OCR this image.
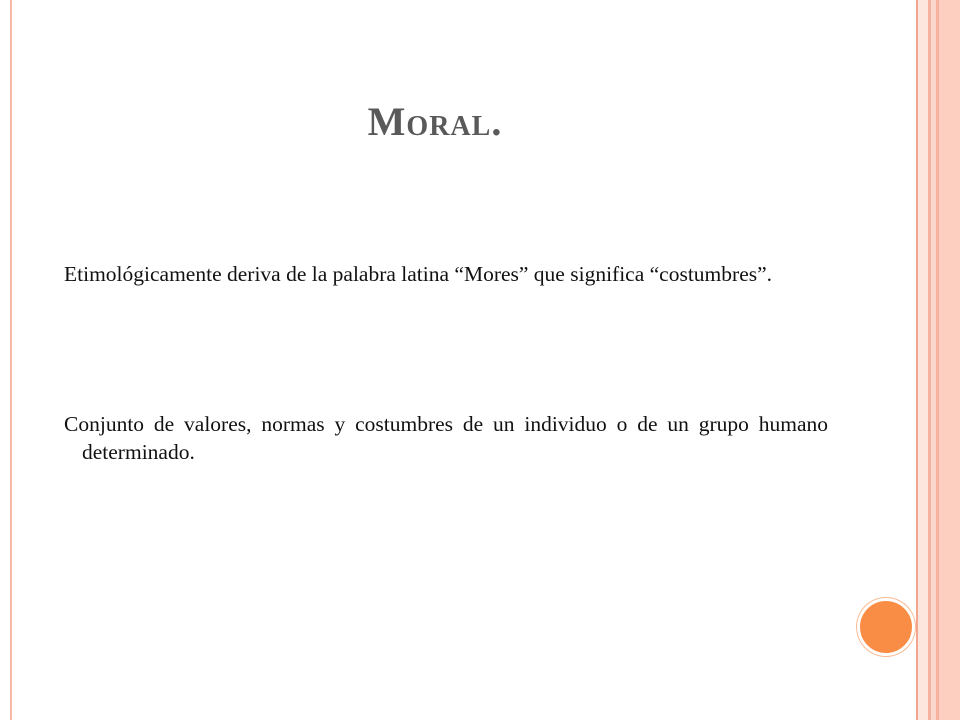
Moral.

Etimológicamente deriva de la palabra latina “Mores” que significa “costumbres”.

Conjunto de valores, normas y costumbres de un individuo o de un grupo humano determinado.
